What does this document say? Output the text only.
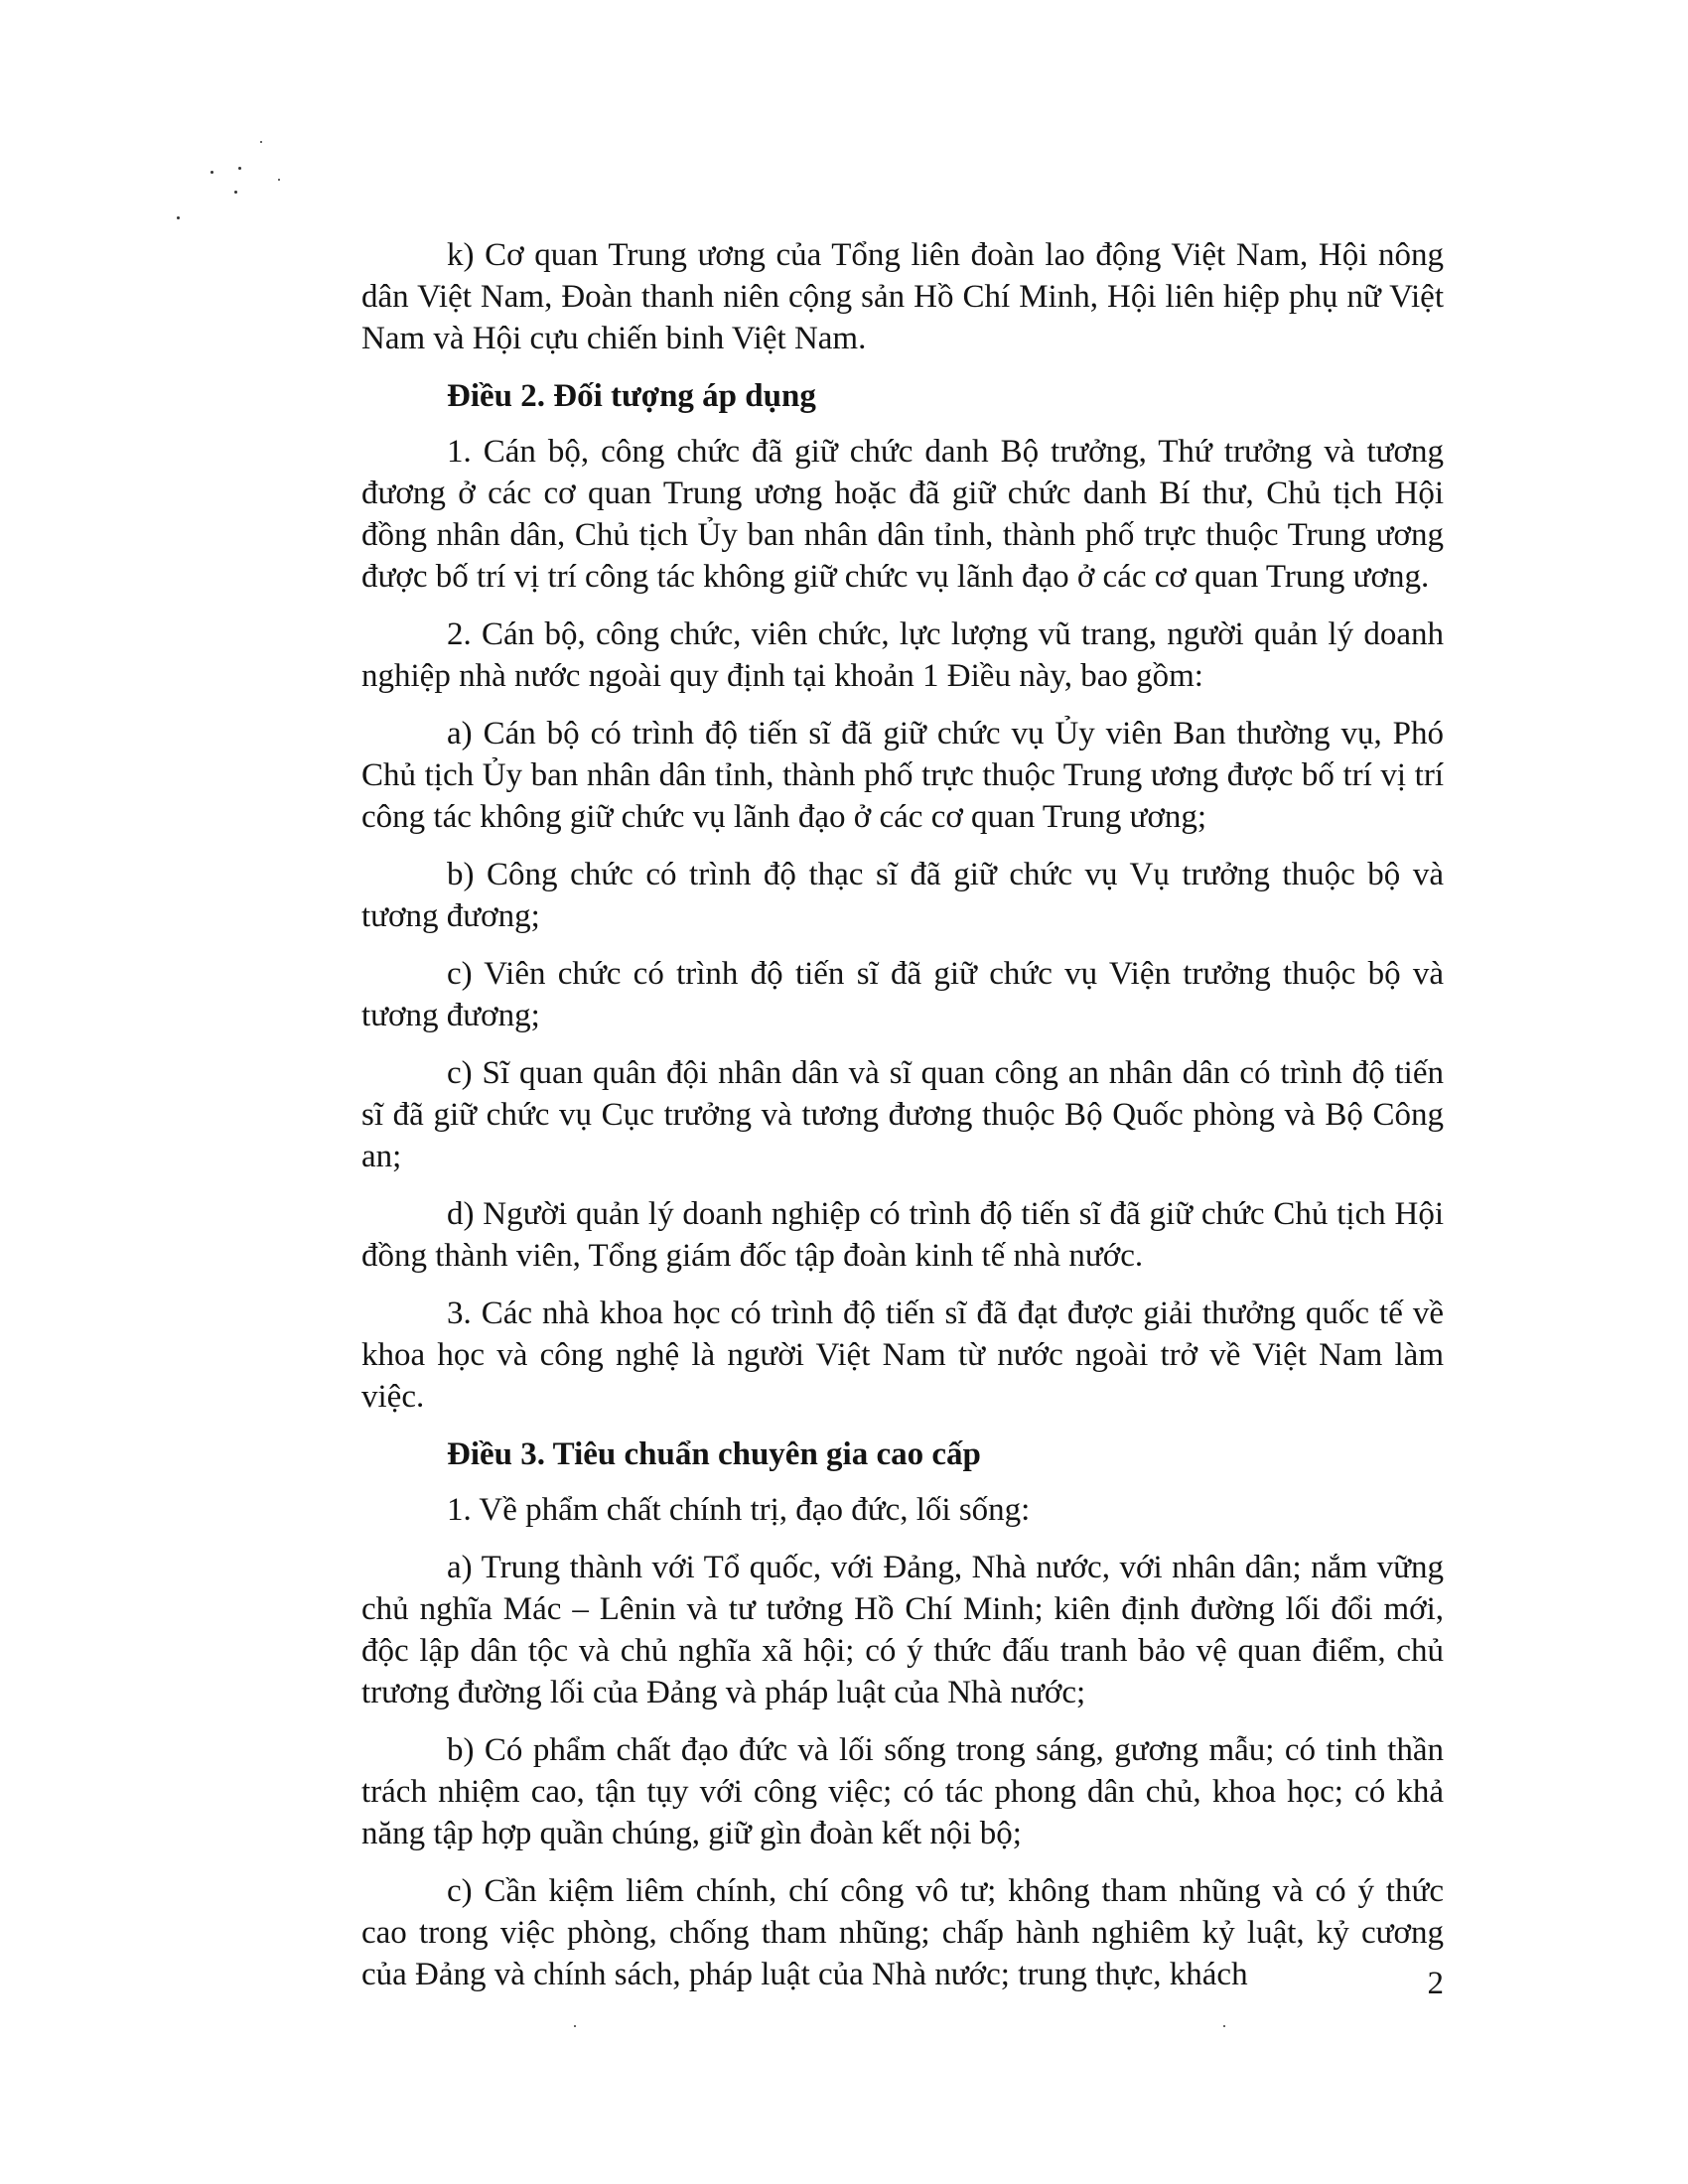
k) Cơ quan Trung ương của Tổng liên đoàn lao động Việt Nam, Hội nông dân Việt Nam, Đoàn thanh niên cộng sản Hồ Chí Minh, Hội liên hiệp phụ nữ Việt Nam và Hội cựu chiến binh Việt Nam.

Điều 2. Đối tượng áp dụng

1. Cán bộ, công chức đã giữ chức danh Bộ trưởng, Thứ trưởng và tương đương ở các cơ quan Trung ương hoặc đã giữ chức danh Bí thư, Chủ tịch Hội đồng nhân dân, Chủ tịch Ủy ban nhân dân tỉnh, thành phố trực thuộc Trung ương được bố trí vị trí công tác không giữ chức vụ lãnh đạo ở các cơ quan Trung ương.

2. Cán bộ, công chức, viên chức, lực lượng vũ trang, người quản lý doanh nghiệp nhà nước ngoài quy định tại khoản 1 Điều này, bao gồm:

a) Cán bộ có trình độ tiến sĩ đã giữ chức vụ Ủy viên Ban thường vụ, Phó Chủ tịch Ủy ban nhân dân tỉnh, thành phố trực thuộc Trung ương được bố trí vị trí công tác không giữ chức vụ lãnh đạo ở các cơ quan Trung ương;

b) Công chức có trình độ thạc sĩ đã giữ chức vụ Vụ trưởng thuộc bộ và tương đương;

c) Viên chức có trình độ tiến sĩ đã giữ chức vụ Viện trưởng thuộc bộ và tương đương;

c) Sĩ quan quân đội nhân dân và sĩ quan công an nhân dân có trình độ tiến sĩ đã giữ chức vụ Cục trưởng và tương đương thuộc Bộ Quốc phòng và Bộ Công an;

d) Người quản lý doanh nghiệp có trình độ tiến sĩ đã giữ chức Chủ tịch Hội đồng thành viên, Tổng giám đốc tập đoàn kinh tế nhà nước.

3. Các nhà khoa học có trình độ tiến sĩ đã đạt được giải thưởng quốc tế về khoa học và công nghệ là người Việt Nam từ nước ngoài trở về Việt Nam làm việc.

Điều 3. Tiêu chuẩn chuyên gia cao cấp

1. Về phẩm chất chính trị, đạo đức, lối sống:

a) Trung thành với Tổ quốc, với Đảng, Nhà nước, với nhân dân; nắm vững chủ nghĩa Mác – Lênin và tư tưởng Hồ Chí Minh; kiên định đường lối đổi mới, độc lập dân tộc và chủ nghĩa xã hội; có ý thức đấu tranh bảo vệ quan điểm, chủ trương đường lối của Đảng và pháp luật của Nhà nước;

b) Có phẩm chất đạo đức và lối sống trong sáng, gương mẫu; có tinh thần trách nhiệm cao, tận tụy với công việc; có tác phong dân chủ, khoa học; có khả năng tập hợp quần chúng, giữ gìn đoàn kết nội bộ;

c) Cần kiệm liêm chính, chí công vô tư; không tham nhũng và có ý thức cao trong việc phòng, chống tham nhũng; chấp hành nghiêm kỷ luật, kỷ cương của Đảng và chính sách, pháp luật của Nhà nước; trung thực, khách	2
